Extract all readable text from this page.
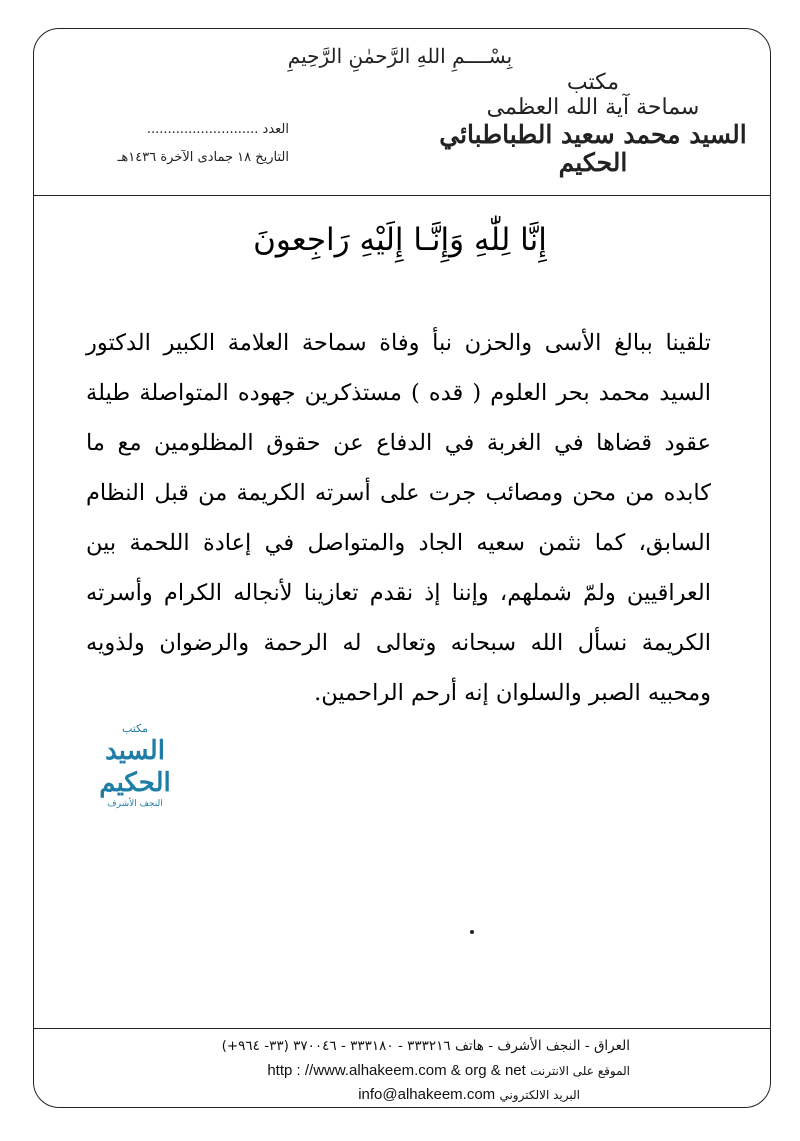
بِسْــــمِ اللهِ الرَّحمٰنِ الرَّحِيمِ
مكتب
سماحة آية الله العظمى
السيد محمد سعيد الطباطبائي الحكيم
العدد ...........................
التاريخ ١٨ جمادى الآخرة ١٤٣٦هـ
إِنَّا لِلّٰهِ وَإِنَّـا إِلَيْهِ رَاجِعونَ
تلقينا ببالغ الأسى والحزن نبأ وفاة سماحة العلامة الكبير الدكتور السيد محمد بحر العلوم ( قده ) مستذكرين جهوده المتواصلة طيلة عقود قضاها في الغربة في الدفاع عن حقوق المظلومين مع ما كابده من محن ومصائب جرت على أسرته الكريمة من قبل النظام السابق، كما نثمن سعيه الجاد والمتواصل في إعادة اللحمة بين العراقيين ولمّ شملهم، وإننا إذ نقدم تعازينا لأنجاله الكرام وأسرته الكريمة نسأل الله سبحانه وتعالى له الرحمة والرضوان ولذويه ومحبيه الصبر والسلوان إنه أرحم الراحمين.
مكتب
السيد الحكيم
النجف الأشرف
العراق - النجف الأشرف - هاتف ٣٣٣٢١٦ - ٣٣٣١٨٠ - ٣٧٠٠٤٦ (٣٣- ٩٦٤+)
الموقع على الانترنت http : //www.alhakeem.com & org & net
البريد الالكتروني info@alhakeem.com
